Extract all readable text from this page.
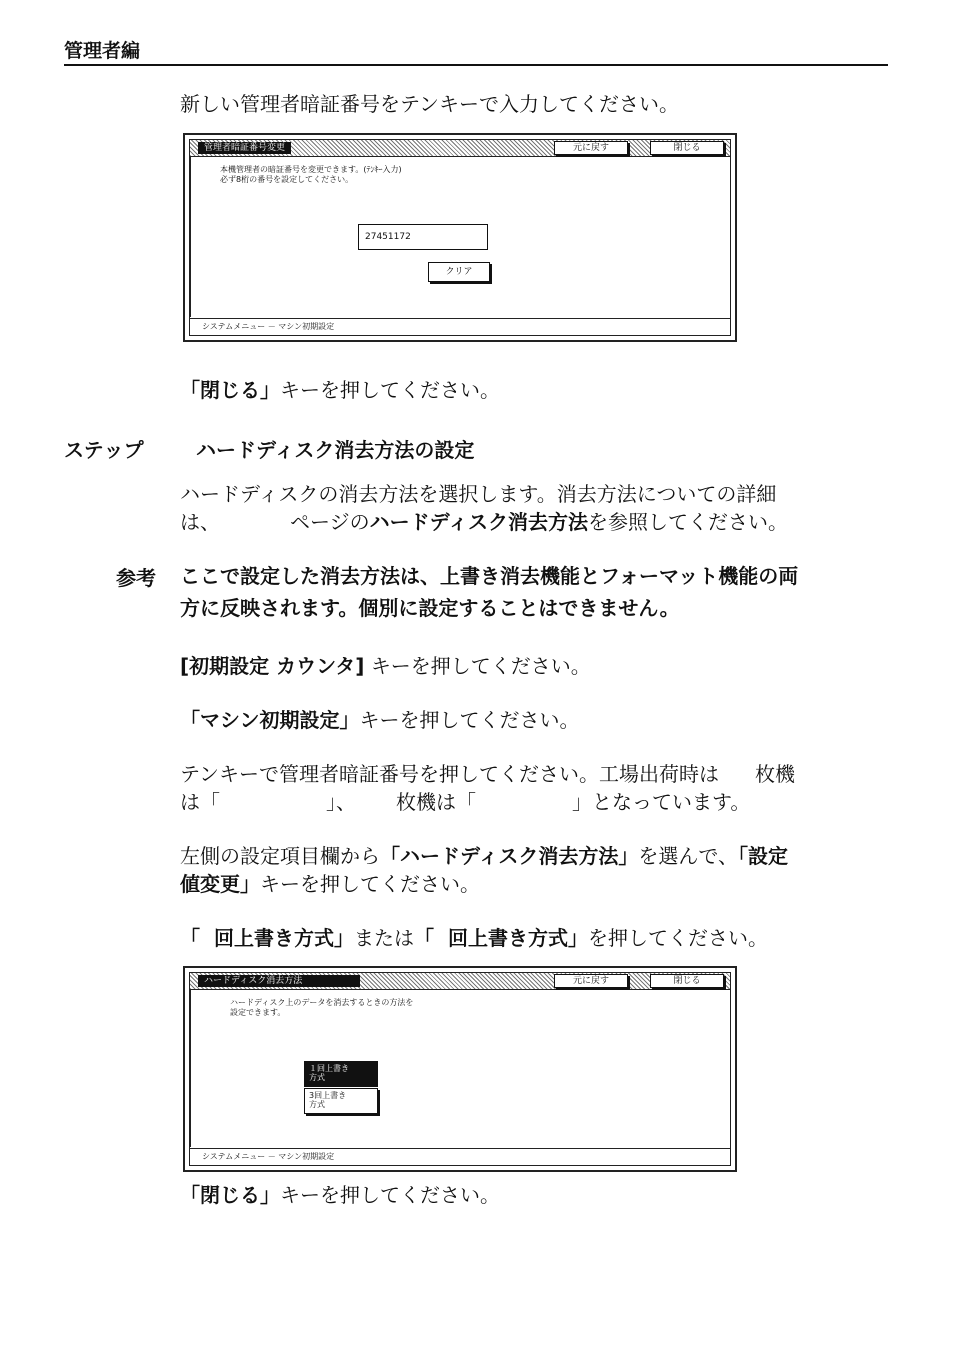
管理者編
新しい管理者暗証番号をテンキーで入力してください。
管理者暗証番号変更	元に戻す	閉じる
本機管理者の暗証番号を変更できます。(ﾃﾝｷｰ入力)
必ず8桁の番号を設定してください。
27451172
クリア
システムメニュー － マシン初期設定
「閉じる」キーを押してください。
ステップ	ハードディスク消去方法の設定
ハードディスクの消去方法を選択します。消去方法についての詳細
は、	ページのハードディスク消去方法を参照してください。
参考 ここで設定した消去方法は、上書き消去機能とフォーマット機能の両
方に反映されます。個別に設定することはできません。
[初期設定 カウンタ] キーを押してください。
「マシン初期設定」キーを押してください。
テンキーで管理者暗証番号を押してください。工場出荷時は 枚機
は「	」、 枚機は「	」となっています。
左側の設定項目欄から「ハードディスク消去方法」を選んで、「設定
値変更」キーを押してください。
「 回上書き方式」または「 回上書き方式」を押してください。
ハードディスク消去方法	元に戻す	閉じる
ハードディスク上のデータを消去するときの方法を
設定できます。
１回上書き
方式
3回上書き
方式
システムメニュー － マシン初期設定
「閉じる」キーを押してください。
